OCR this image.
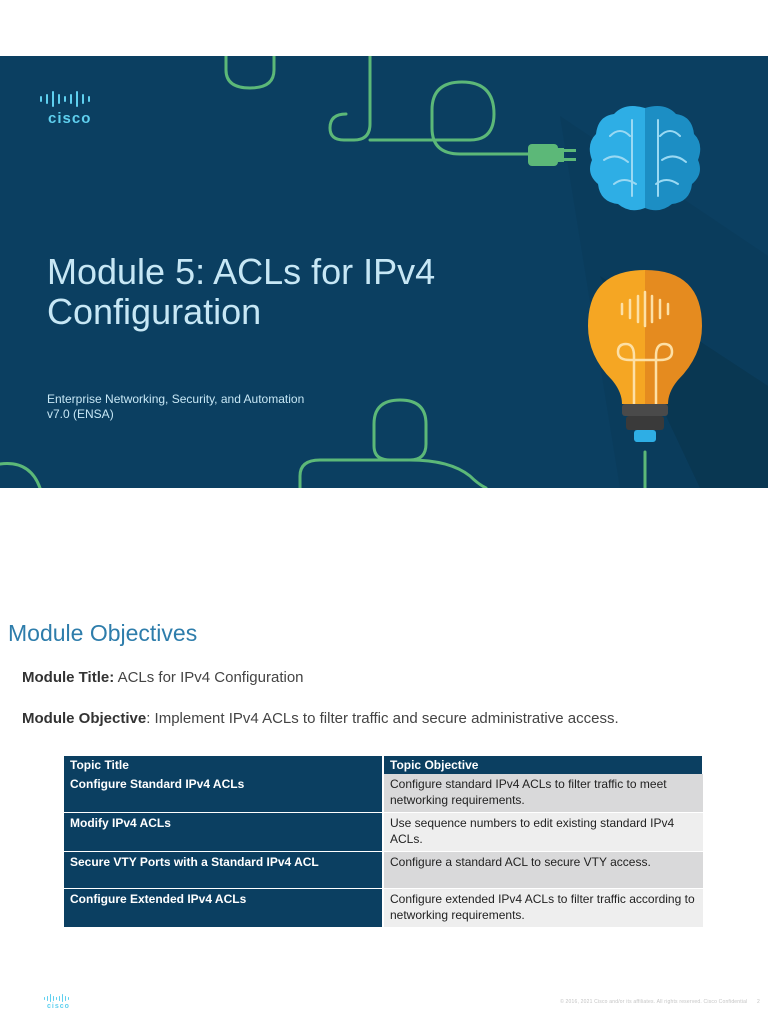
cisco
Module 5: ACLs for IPv4 Configuration
Enterprise Networking, Security, and Automation v7.0 (ENSA)
Module Objectives
Module Title: ACLs for IPv4 Configuration
Module Objective: Implement IPv4 ACLs to filter traffic and secure administrative access.
Topic Title	Topic Objective
Configure Standard IPv4 ACLs	Configure standard IPv4 ACLs to filter traffic to meet networking requirements.
Modify IPv4 ACLs	Use sequence numbers to edit existing standard IPv4 ACLs.
Secure VTY Ports with a Standard IPv4 ACL	Configure a standard ACL to secure VTY access.
Configure Extended IPv4 ACLs	Configure extended IPv4 ACLs to filter traffic according to networking requirements.
cisco
© 2016, 2021 Cisco and/or its affiliates. All rights reserved. Cisco Confidential 2
